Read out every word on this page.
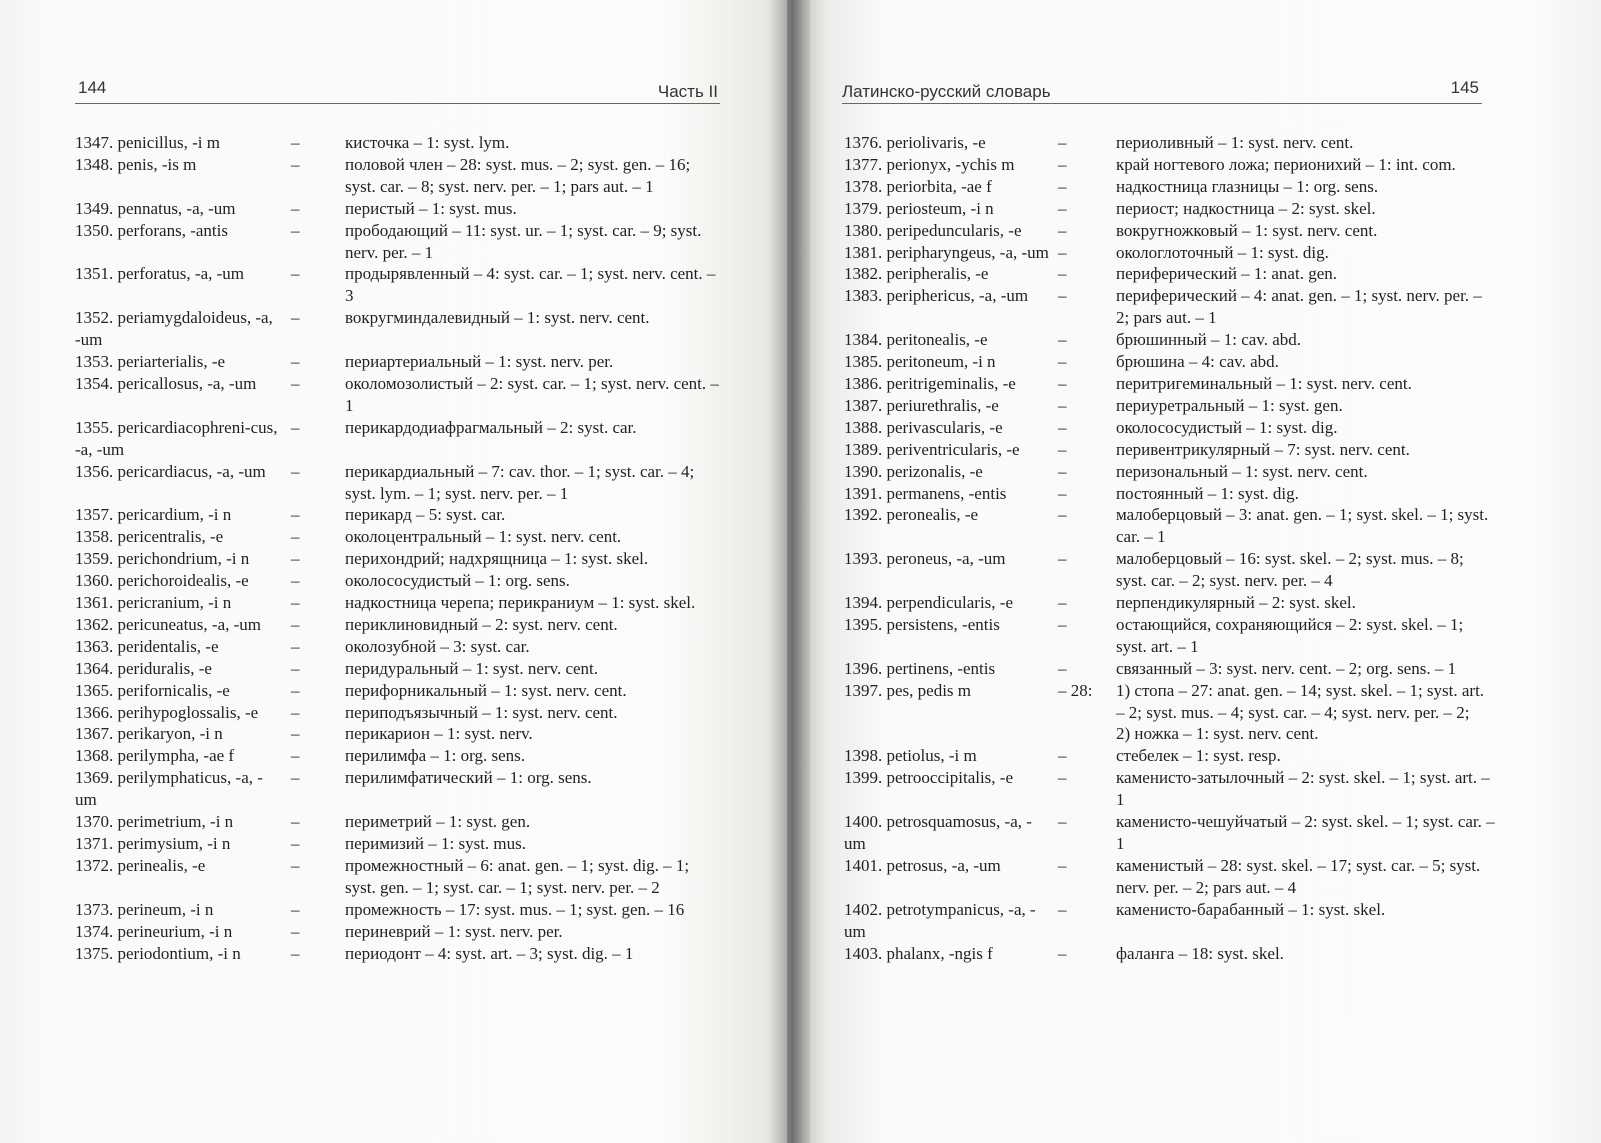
144	Часть II
1347. penicillus, -i m	–	кисточка – 1: syst. lym.
1348. penis, -is m	–	половой член – 28: syst. mus. – 2; syst. gen. – 16; syst. car. – 8; syst. nerv. per. – 1; pars aut. – 1
1349. pennatus, -a, -um	–	перистый – 1: syst. mus.
1350. perforans, -antis	–	прободающий – 11: syst. ur. – 1; syst. car. – 9; syst. nerv. per. – 1
1351. perforatus, -a, -um	–	продырявленный – 4: syst. car. – 1; syst. nerv. cent. – 3
1352. periamygdaloideus, -a, -um
–	вокругминдалевидный – 1: syst. nerv. cent.
1353. periarterialis, -e	–	периартериальный – 1: syst. nerv. per.
1354. pericallosus, -a, -um –	околомозолистый – 2: syst. car. – 1; syst. nerv. cent. – 1
1355. pericardiacophreni-cus, -a, -um
–	перикардодиафрагмальный – 2: syst. car.
1356. pericardiacus, -a, -um –	перикардиальный – 7: cav. thor. – 1; syst. car. – 4; syst. lym. – 1; syst. nerv. per. – 1
1357. pericardium, -i n	–	перикард – 5: syst. car.
1358. pericentralis, -e	–	околоцентральный – 1: syst. nerv. cent.
1359. perichondrium, -i n –	перихондрий; надхрящница – 1: syst. skel.
1360. perichoroidealis, -e –	околососудистый – 1: org. sens.
1361. pericranium, -i n	–	надкостница черепа; перикраниум – 1: syst. skel.
1362. pericuneatus, -a, -um –	периклиновидный – 2: syst. nerv. cent.
1363. peridentalis, -e	–	околозубной – 3: syst. car.
1364. periduralis, -e	–	перидуральный – 1: syst. nerv. cent.
1365. perifornicalis, -e	–	перифорникальный – 1: syst. nerv. cent.
1366. perihypoglossalis, -e –	периподъязычный – 1: syst. nerv. cent.
1367. perikaryon, -i n	–	перикарион – 1: syst. nerv.
1368. perilympha, -ae f	–	перилимфа – 1: org. sens.
1369. perilymphaticus, -a, -um
–	перилимфатический – 1: org. sens.
1370. perimetrium, -i n	–	периметрий – 1: syst. gen.
1371. perimysium, -i n	–	перимизий – 1: syst. mus.
1372. perinealis, -e	–	промежностный – 6: anat. gen. – 1; syst. dig. – 1; syst. gen. – 1; syst. car. – 1; syst. nerv. per. – 2
1373. perineum, -i n	–	промежность – 17: syst. mus. – 1; syst. gen. – 16
1374. perineurium, -i n	–	периневрий – 1: syst. nerv. per.
1375. periodontium, -i n	–	периодонт – 4: syst. art. – 3; syst. dig. – 1
Латинско-русский словарь	145
1376. periolivaris, -e	–	периоливный – 1: syst. nerv. cent.
1377. perionyx, -ychis m	–	край ногтевого ложа; перионихий – 1: int. com.
1378. periorbita, -ae f	–	надкостница глазницы – 1: org. sens.
1379. periosteum, -i n	–	периост; надкостница – 2: syst. skel.
1380. peripeduncularis, -e –	вокругножковый – 1: syst. nerv. cent.
1381. peripharyngeus, -a, -um –	окологлоточный – 1: syst. dig.
1382. peripheralis, -e	–	периферический – 1: anat. gen.
1383. periphericus, -a, -um –	периферический – 4: anat. gen. – 1; syst. nerv. per. – 2; pars aut. – 1
1384. peritonealis, -e	–	брюшинный – 1: cav. abd.
1385. peritoneum, -i n	–	брюшина – 4: cav. abd.
1386. peritrigeminalis, -e –	перитригеминальный – 1: syst. nerv. cent.
1387. periurethralis, -e	–	периуретральный – 1: syst. gen.
1388. perivascularis, -e	–	околососудистый – 1: syst. dig.
1389. periventricularis, -e –	перивентрикулярный – 7: syst. nerv. cent.
1390. perizonalis, -e	–	перизональный – 1: syst. nerv. cent.
1391. permanens, -entis	–	постоянный – 1: syst. dig.
1392. peronealis, -e	–	малоберцовый – 3: anat. gen. – 1; syst. skel. – 1; syst. car. – 1
1393. peroneus, -a, -um	–	малоберцовый – 16: syst. skel. – 2; syst. mus. – 8; syst. car. – 2; syst. nerv. per. – 4
1394. perpendicularis, -e	–	перпендикулярный – 2: syst. skel.
1395. persistens, -entis	–	остающийся, сохраняющийся – 2: syst. skel. – 1; syst. art. – 1
1396. pertinens, -entis	–	связанный – 3: syst. nerv. cent. – 2; org. sens. – 1
1397. pes, pedis m	– 28: 1) стопа – 27: anat. gen. – 14; syst. skel. – 1; syst. art. – 2; syst. mus. – 4; syst. car. – 4; syst. nerv. per. – 2;
2) ножка – 1: syst. nerv. cent.
1398. petiolus, -i m	–	стебелек – 1: syst. resp.
1399. petrooccipitalis, -e	–	каменисто-затылочный – 2: syst. skel. – 1; syst. art. – 1
1400. petrosquamosus, -a, -um
–	каменисто-чешуйчатый – 2: syst. skel. – 1; syst. car. – 1
1401. petrosus, -a, -um	–	каменистый – 28: syst. skel. – 17; syst. car. – 5; syst. nerv. per. – 2; pars aut. – 4
1402. petrotympanicus, -a, -um
–	каменисто-барабанный – 1: syst. skel.
1403. phalanx, -ngis f	–	фаланга – 18: syst. skel.
